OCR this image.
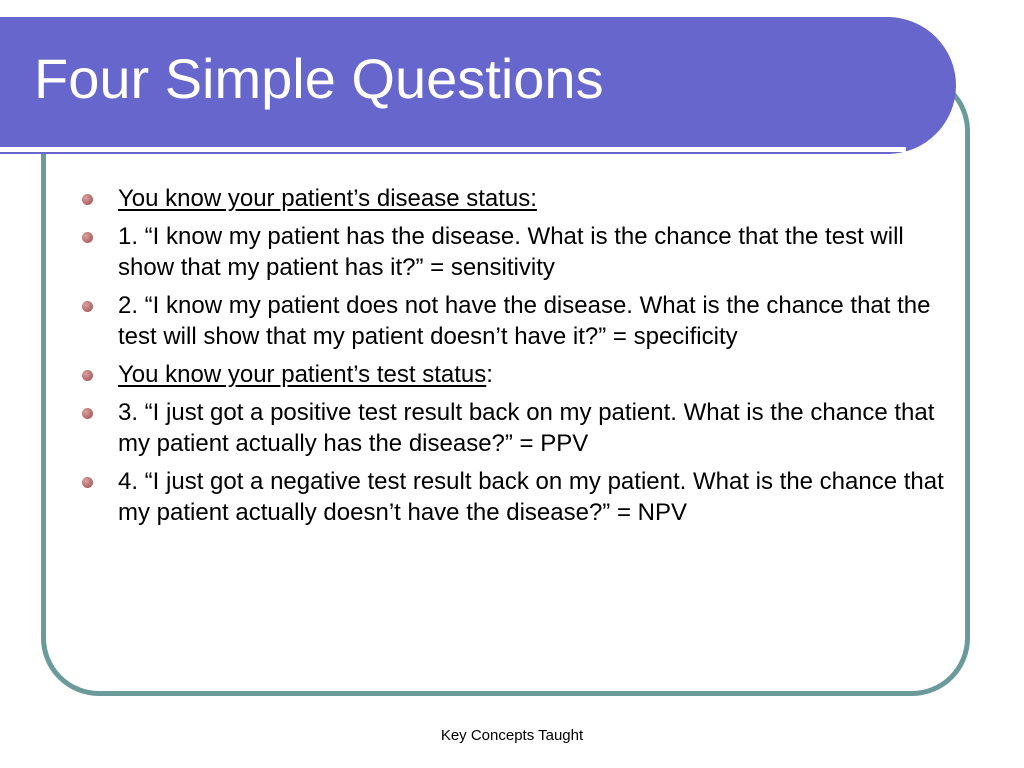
Four Simple Questions
You know your patient’s disease status:
1. “I know my patient has the disease. What is the chance that the test will show that my patient has it?” = sensitivity
2. “I know my patient does not have the disease. What is the chance that the test will show that my patient doesn’t have it?” = specificity
You know your patient’s test status:
3. “I just got a positive test result back on my patient. What is the chance that my patient actually has the disease?” = PPV
4. “I just got a negative test result back on my patient. What is the chance that my patient actually doesn’t have the disease?” = NPV
Key Concepts Taught
